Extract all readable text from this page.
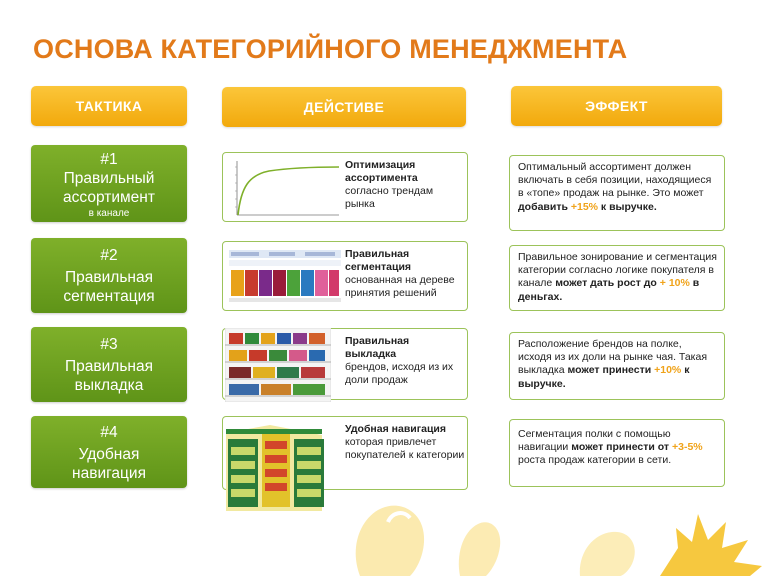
ОСНОВА КАТЕГОРИЙНОГО МЕНЕДЖМЕНТА
ТАКТИКА	ДЕЙСТИВЕ	ЭФФЕКТ
#1
Правильный
ассортимент
в канале
Оптимизация
ассортимента
согласно трендам рынка
Оптимальный ассортимент должен включать в себя позиции, находящиеся в «топе» продаж на рынке. Это может добавить +15% к выручке.
#2
Правильная
сегментация
Правильная
сегментация
основанная на дереве принятия решений
Правильное зонирование и сегментация категории согласно логике покупателя в канале может дать рост до + 10% в деньгах.
#3
Правильная
выкладка
Правильная
выкладка
брендов, исходя из их доли продаж
Расположение брендов на полке, исходя из их доли на рынке чая. Такая выкладка может принести +10% к выручке.
#4
Удобная
навигация
Удобная навигация
которая привлечет покупателей к категории
Сегментация полки с помощью навигации может принести от +3-5% роста продаж категории в сети.
